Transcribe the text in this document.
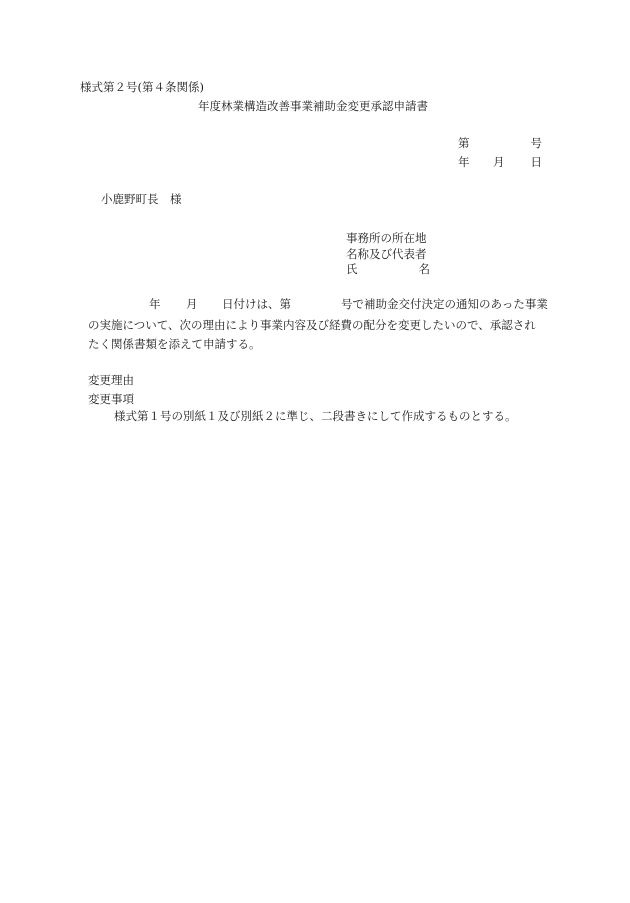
様式第２号(第４条関係)
年度林業構造改善事業補助金変更承認申請書
第	号
年 月 日
小鹿野町長　様
事務所の所在地
名称及び代表者
氏	名
年 月 日付けは、第	号で補助金交付決定の通知のあった事業
の実施について、次の理由により事業内容及び経費の配分を変更したいので、承認され
たく関係書類を添えて申請する。
変更理由
変更事項
様式第１号の別紙１及び別紙２に準じ、二段書きにして作成するものとする。
